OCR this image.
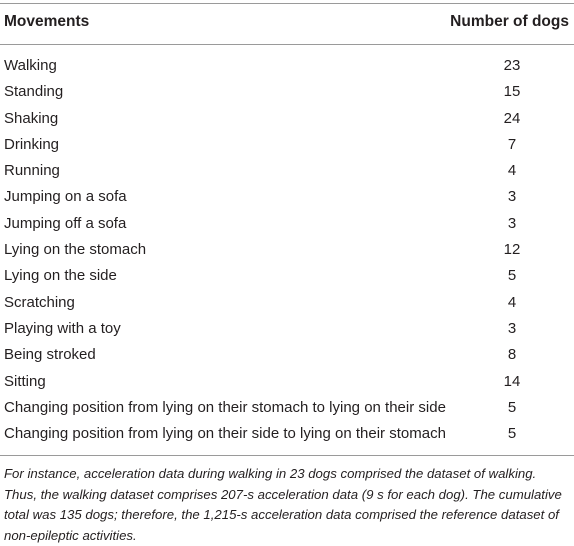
Movements	Number of dogs
Walking	23
Standing	15
Shaking	24
Drinking	7
Running	4
Jumping on a sofa	3
Jumping off a sofa	3
Lying on the stomach	12
Lying on the side	5
Scratching	4
Playing with a toy	3
Being stroked	8
Sitting	14
Changing position from lying on their stomach to lying on their side	5
Changing position from lying on their side to lying on their stomach	5
For instance, acceleration data during walking in 23 dogs comprised the dataset of walking. Thus, the walking dataset comprises 207-s acceleration data (9 s for each dog). The cumulative total was 135 dogs; therefore, the 1,215-s acceleration data comprised the reference dataset of non-epileptic activities.
